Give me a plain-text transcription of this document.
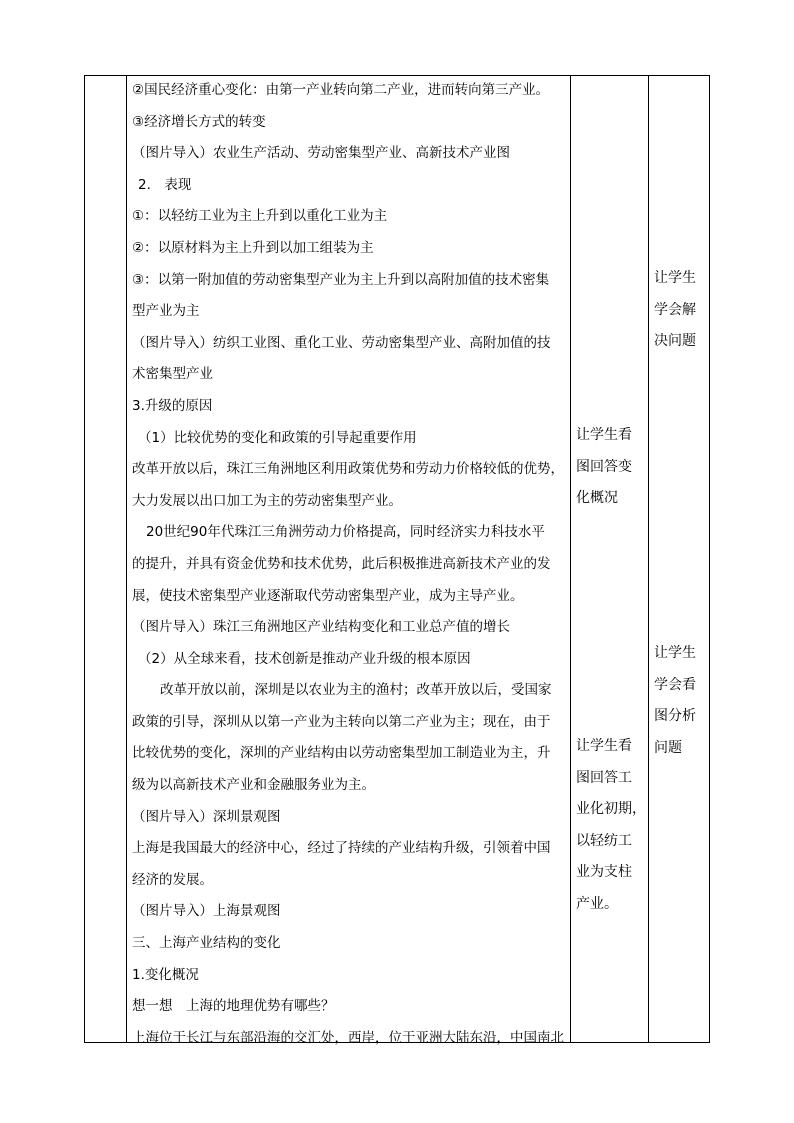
②国民经济重心变化：由第一产业转向第二产业，进而转向第三产业。

③经济增长方式的转变

（图片导入）农业生产活动、劳动密集型产业、高新技术产业图

2.　表现

①：以轻纺工业为主上升到以重化工业为主

②：以原材料为主上升到以加工组装为主

③：以第一附加值的劳动密集型产业为主上升到以高附加值的技术密集

型产业为主

（图片导入）纺织工业图、重化工业、劳动密集型产业、高附加值的技

术密集型产业

3.升级的原因

（1）比较优势的变化和政策的引导起重要作用

改革开放以后，珠江三角洲地区利用政策优势和劳动力价格较低的优势，

大力发展以出口加工为主的劳动密集型产业。

20世纪90年代珠江三角洲劳动力价格提高，同时经济实力科技水平

的提升，并具有资金优势和技术优势，此后积极推进高新技术产业的发

展，使技术密集型产业逐渐取代劳动密集型产业，成为主导产业。

（图片导入）珠江三角洲地区产业结构变化和工业总产值的增长

（2）从全球来看，技术创新是推动产业升级的根本原因

改革开放以前，深圳是以农业为主的渔村；改革开放以后，受国家

政策的引导，深圳从以第一产业为主转向以第二产业为主；现在，由于

比较优势的变化，深圳的产业结构由以劳动密集型加工制造业为主，升

级为以高新技术产业和金融服务业为主。

（图片导入）深圳景观图

上海是我国最大的经济中心，经过了持续的产业结构升级，引领着中国

经济的发展。

（图片导入）上海景观图

三、上海产业结构的变化

1.变化概况

想一想　上海的地理优势有哪些？

上海位于长江与东部沿海的交汇处，西岸，位于亚洲大陆东沿，中国南北

让学生看

图回答变

化概况

让学生看

图回答工

业化初期，

以轻纺工

业为支柱

产业。

让学生

学会解

决问题

让学生

学会看

图分析

问题
